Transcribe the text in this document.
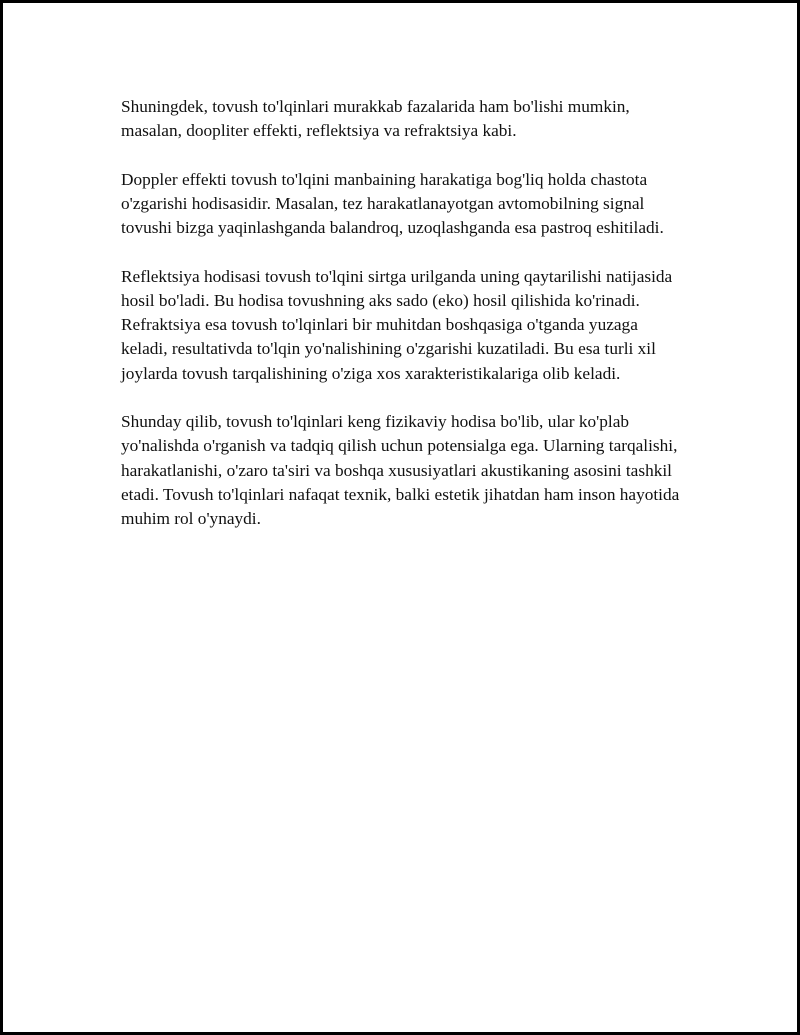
Shuningdek, tovush to'lqinlari murakkab fazalarida ham bo'lishi mumkin, masalan, doopliter effekti, reflektsiya va refraktsiya kabi.

Doppler effekti tovush to'lqini manbaining harakatiga bog'liq holda chastota o'zgarishi hodisasidir. Masalan, tez harakatlanayotgan avtomobilning signal tovushi bizga yaqinlashganda balandroq, uzoqlashganda esa pastroq eshitiladi.

Reflektsiya hodisasi tovush to'lqini sirtga urilganda uning qaytarilishi natijasida hosil bo'ladi. Bu hodisa tovushning aks sado (eko) hosil qilishida ko'rinadi. Refraktsiya esa tovush to'lqinlari bir muhitdan boshqasiga o'tganda yuzaga keladi, resultativda to'lqin yo'nalishining o'zgarishi kuzatiladi. Bu esa turli xil joylarda tovush tarqalishining o'ziga xos xarakteristikalariga olib keladi.

Shunday qilib, tovush to'lqinlari keng fizikaviy hodisa bo'lib, ular ko'plab yo'nalishda o'rganish va tadqiq qilish uchun potensialga ega. Ularning tarqalishi, harakatlanishi, o'zaro ta'siri va boshqa xususiyatlari akustikaning asosini tashkil etadi. Tovush to'lqinlari nafaqat texnik, balki estetik jihatdan ham inson hayotida muhim rol o'ynaydi.
